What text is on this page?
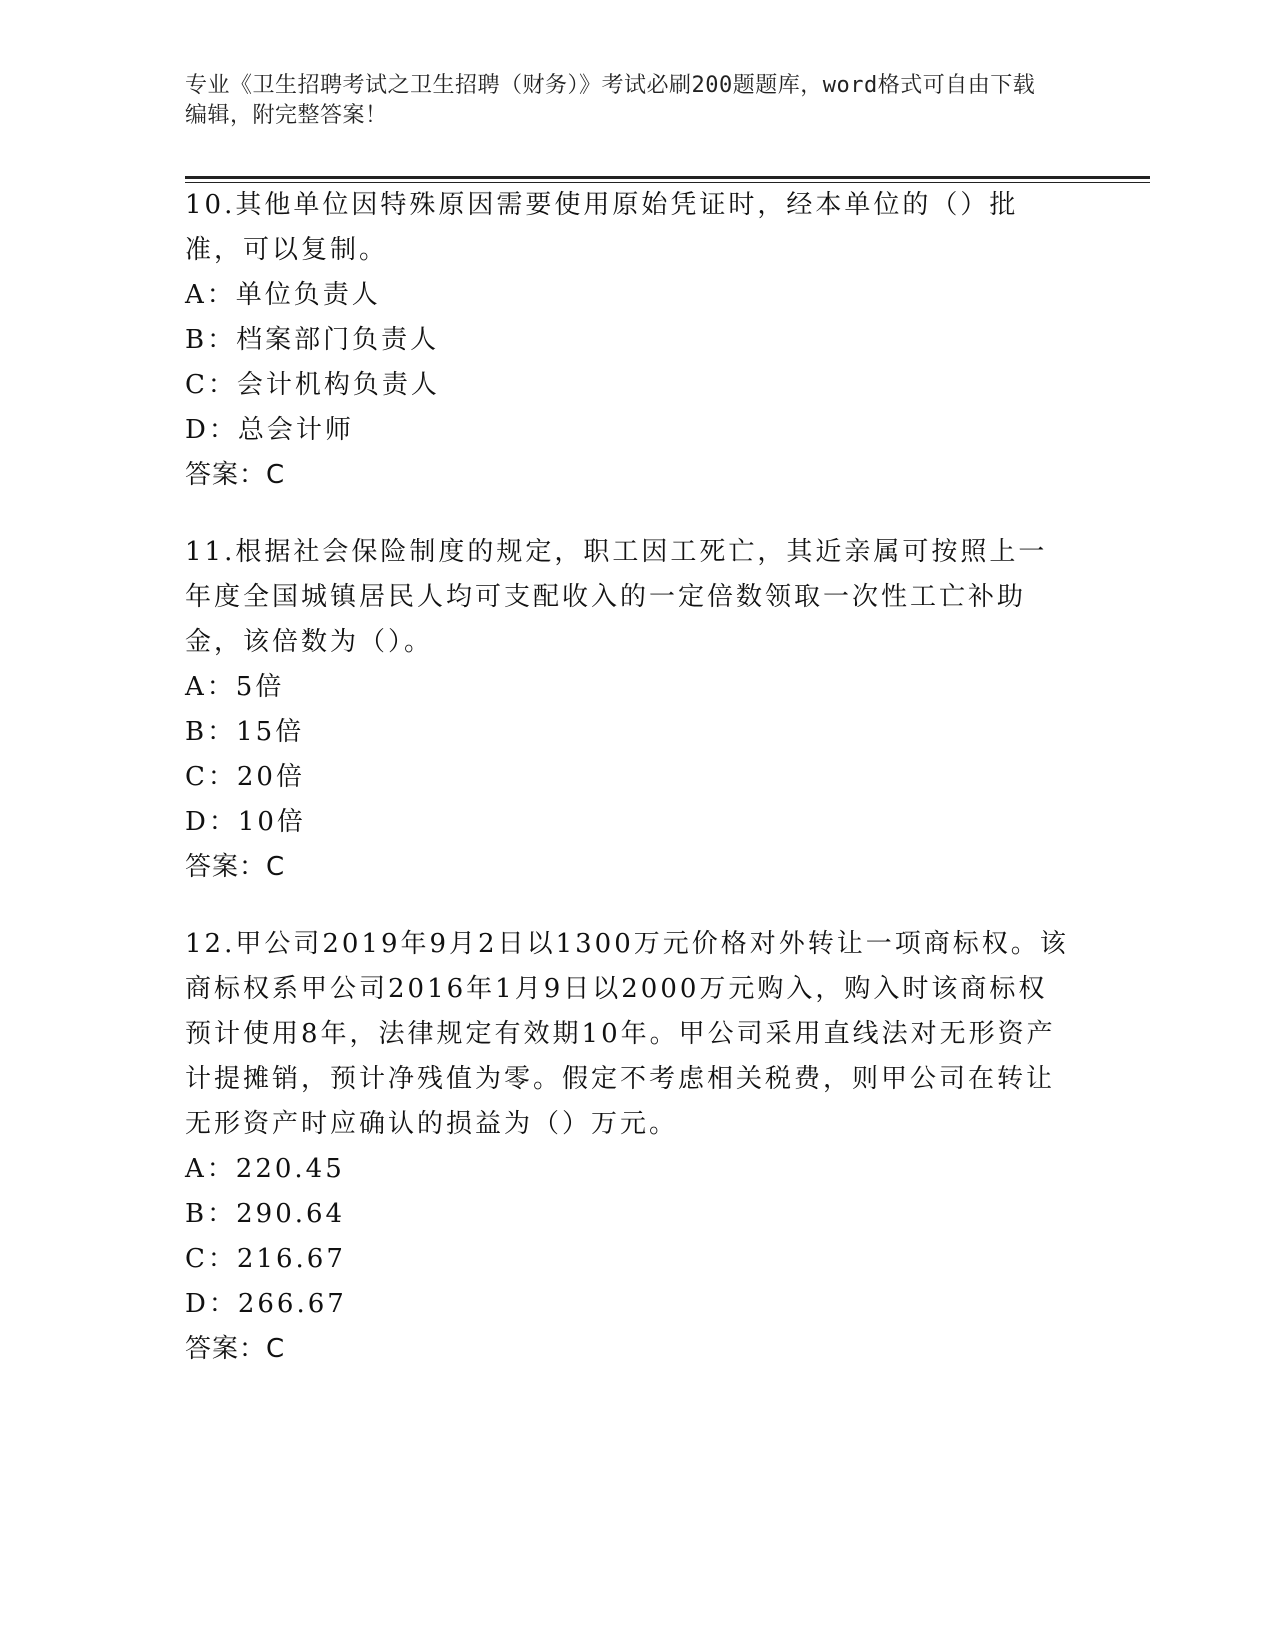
专业《卫生招聘考试之卫生招聘（财务）》考试必刷200题题库，word格式可自由下载编辑，附完整答案！

10.其他单位因特殊原因需要使用原始凭证时，经本单位的（）批准，可以复制。

A：单位负责人

B：档案部门负责人

C：会计机构负责人

D：总会计师

答案：C

11.根据社会保险制度的规定，职工因工死亡，其近亲属可按照上一年度全国城镇居民人均可支配收入的一定倍数领取一次性工亡补助金，该倍数为（）。

A：5倍

B：15倍

C：20倍

D：10倍

答案：C

12.甲公司2019年9月2日以1300万元价格对外转让一项商标权。该商标权系甲公司2016年1月9日以2000万元购入，购入时该商标权预计使用8年，法律规定有效期10年。甲公司采用直线法对无形资产计提摊销，预计净残值为零。假定不考虑相关税费，则甲公司在转让无形资产时应确认的损益为（）万元。

A：220.45

B：290.64

C：216.67

D：266.67

答案：C
